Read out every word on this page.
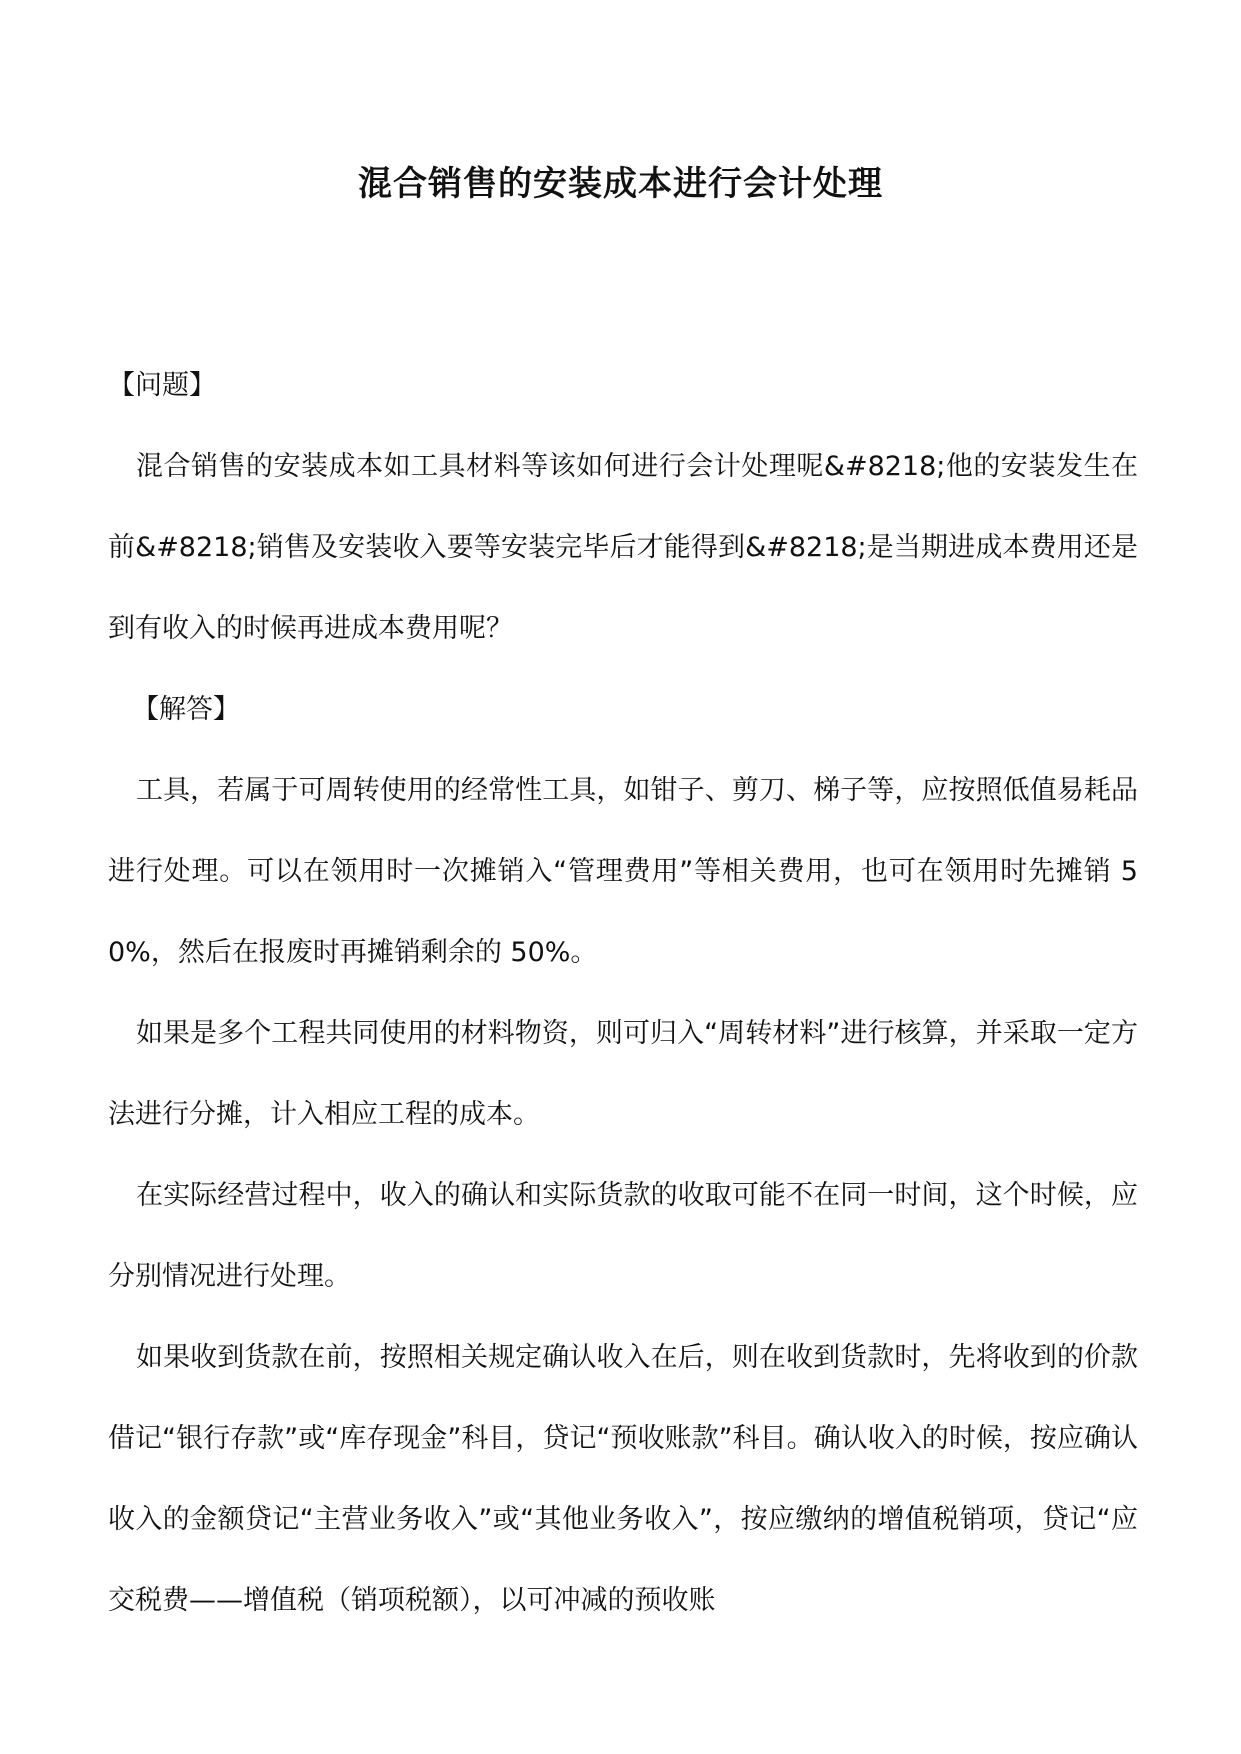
混合销售的安装成本进行会计处理

【问题】

混合销售的安装成本如工具材料等该如何进行会计处理呢&#8218;他的安装发生在前&#8218;销售及安装收入要等安装完毕后才能得到&#8218;是当期进成本费用还是到有收入的时候再进成本费用呢？

【解答】

工具，若属于可周转使用的经常性工具，如钳子、剪刀、梯子等，应按照低值易耗品进行处理。可以在领用时一次摊销入“管理费用”等相关费用，也可在领用时先摊销 50%，然后在报废时再摊销剩余的 50%。

如果是多个工程共同使用的材料物资，则可归入“周转材料”进行核算，并采取一定方法进行分摊，计入相应工程的成本。

在实际经营过程中，收入的确认和实际货款的收取可能不在同一时间，这个时候，应分别情况进行处理。

如果收到货款在前，按照相关规定确认收入在后，则在收到货款时，先将收到的价款借记“银行存款”或“库存现金”科目，贷记“预收账款”科目。确认收入的时候，按应确认收入的金额贷记“主营业务收入”或“其他业务收入”，按应缴纳的增值税销项，贷记“应交税费——增值税（销项税额），以可冲减的预收账
